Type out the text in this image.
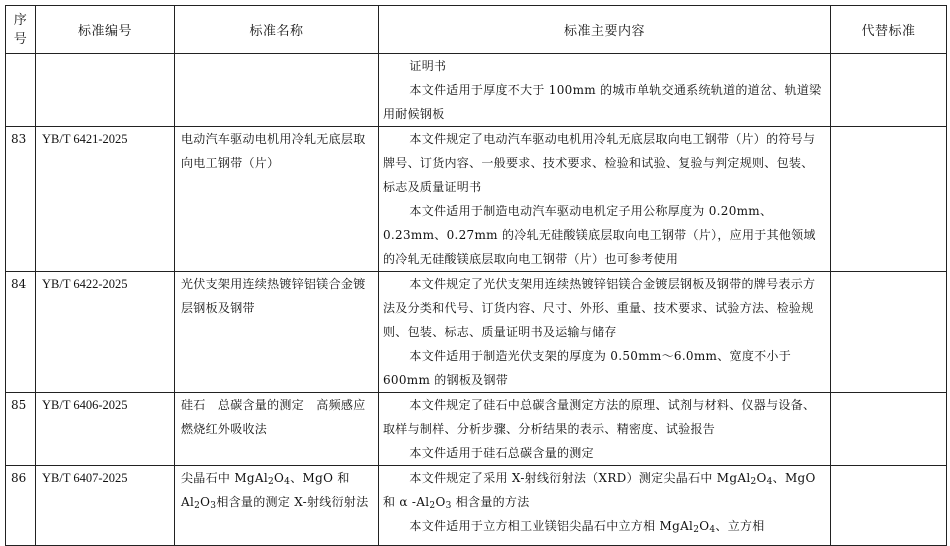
序号	标准编号	标准名称	标准主要内容	代替标准

			证明书
本文件适用于厚度不大于 100mm 的城市单轨交通系统轨道的道岔、轨道梁用耐候钢板	

83	YB/T 6421-2025	电动汽车驱动电机用冷轧无底层取向电工钢带（片）	本文件规定了电动汽车驱动电机用冷轧无底层取向电工钢带（片）的符号与牌号、订货内容、一般要求、技术要求、检验和试验、复验与判定规则、包装、标志及质量证明书
本文件适用于制造电动汽车驱动电机定子用公称厚度为 0.20mm、0.23mm、0.27mm 的冷轧无硅酸镁底层取向电工钢带（片），应用于其他领域的冷轧无硅酸镁底层取向电工钢带（片）也可参考使用	

84	YB/T 6422-2025	光伏支架用连续热镀锌铝镁合金镀层钢板及钢带	本文件规定了光伏支架用连续热镀锌铝镁合金镀层钢板及钢带的牌号表示方法及分类和代号、订货内容、尺寸、外形、重量、技术要求、试验方法、检验规则、包装、标志、质量证明书及运输与储存
本文件适用于制造光伏支架的厚度为 0.50mm～6.0mm、宽度不小于 600mm 的钢板及钢带	

85	YB/T 6406-2025	硅石　总碳含量的测定　高频感应燃烧红外吸收法	本文件规定了硅石中总碳含量测定方法的原理、试剂与材料、仪器与设备、取样与制样、分析步骤、分析结果的表示、精密度、试验报告
本文件适用于硅石总碳含量的测定	

86	YB/T 6407-2025	尖晶石中 $MgAl_2O_4$、MgO 和 $Al_2O_3$相含量的测定 X-射线衍射法	本文件规定了采用 X-射线衍射法（XRD）测定尖晶石中 $MgAl_2O_4$、MgO 和 α $-Al_2O_3$ 相含量的方法
本文件适用于立方相工业镁铝尖晶石中立方相 $MgAl_2O_4$、立方相	
